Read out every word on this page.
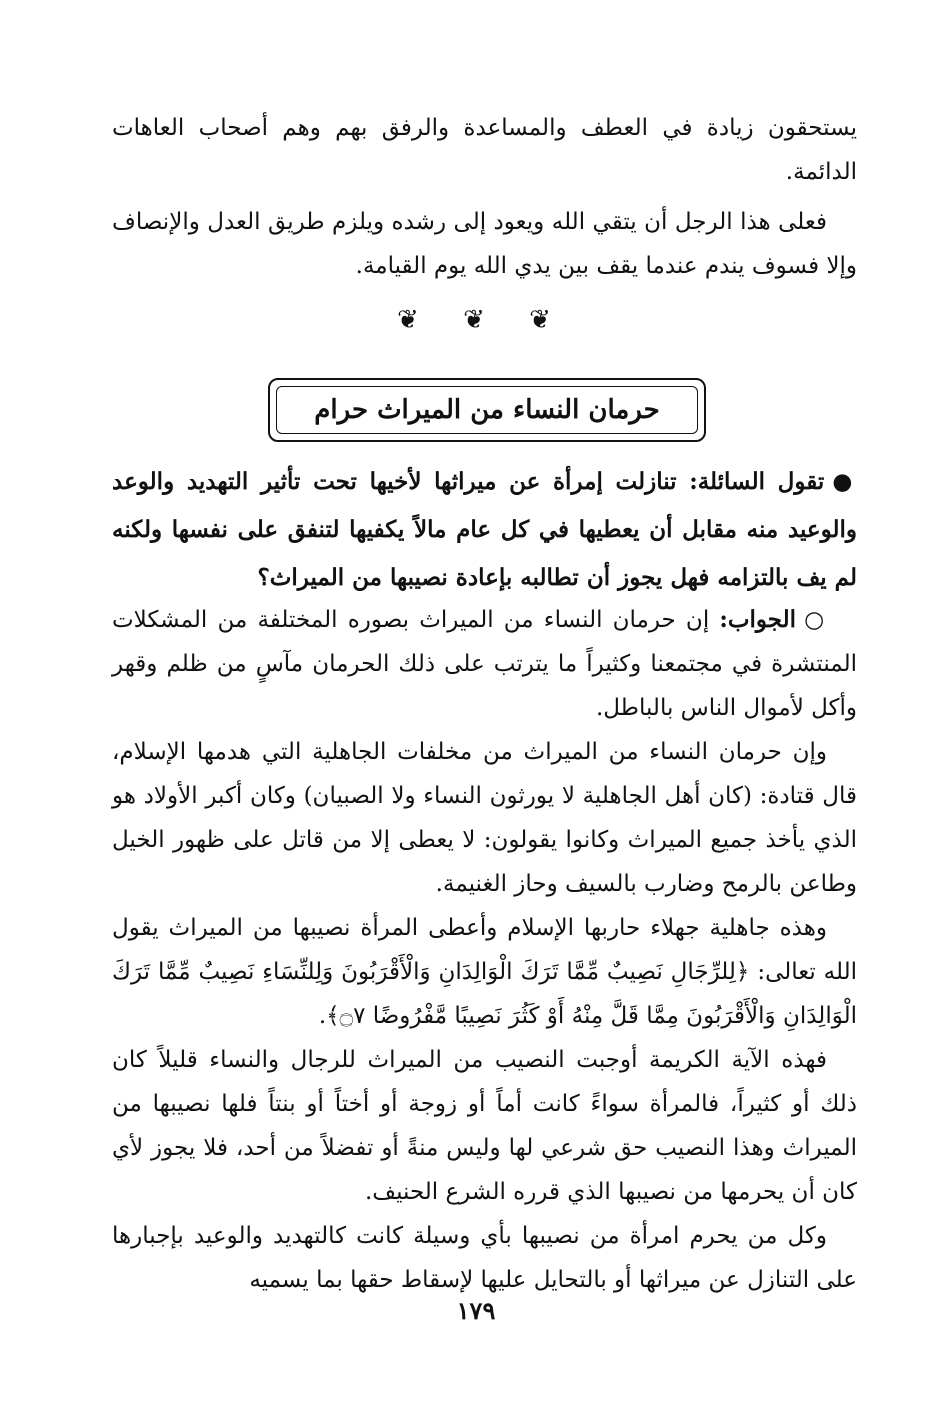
يستحقون زيادة في العطف والمساعدة والرفق بهم وهم أصحاب العاهات الدائمة.

فعلى هذا الرجل أن يتقي الله ويعود إلى رشده ويلزم طريق العدل والإنصاف وإلا فسوف يندم عندما يقف بين يدي الله يوم القيامة.

❦ ❦ ❦
حرمان النساء من الميراث حرام

●تقول السائلة: تنازلت إمرأة عن ميراثها لأخيها تحت تأثير التهديد والوعد والوعيد منه مقابل أن يعطيها في كل عام مالاً يكفيها لتنفق على نفسها ولكنه لم يف بالتزامه فهل يجوز أن تطالبه بإعادة نصيبها من الميراث؟

○الجواب: إن حرمان النساء من الميراث بصوره المختلفة من المشكلات المنتشرة في مجتمعنا وكثيراً ما يترتب على ذلك الحرمان مآسٍ من ظلم وقهر وأكل لأموال الناس بالباطل.

وإن حرمان النساء من الميراث من مخلفات الجاهلية التي هدمها الإسلام، قال قتادة: (كان أهل الجاهلية لا يورثون النساء ولا الصبيان) وكان أكبر الأولاد هو الذي يأخذ جميع الميراث وكانوا يقولون: لا يعطى إلا من قاتل على ظهور الخيل وطاعن بالرمح وضارب بالسيف وحاز الغنيمة.

وهذه جاهلية جهلاء حاربها الإسلام وأعطى المرأة نصيبها من الميراث يقول الله تعالى: ﴿لِلرِّجَالِ نَصِيبٌ مِّمَّا تَرَكَ الْوَالِدَانِ وَالْأَقْرَبُونَ وَلِلنِّسَاءِ نَصِيبٌ مِّمَّا تَرَكَ الْوَالِدَانِ وَالْأَقْرَبُونَ مِمَّا قَلَّ مِنْهُ أَوْ كَثُرَ نَصِيبًا مَّفْرُوضًا ۝٧﴾.

فهذه الآية الكريمة أوجبت النصيب من الميراث للرجال والنساء قليلاً كان ذلك أو كثيراً، فالمرأة سواءً كانت أماً أو زوجة أو أختاً أو بنتاً فلها نصيبها من الميراث وهذا النصيب حق شرعي لها وليس منةً أو تفضلاً من أحد، فلا يجوز لأي كان أن يحرمها من نصيبها الذي قرره الشرع الحنيف.

وكل من يحرم امرأة من نصيبها بأي وسيلة كانت كالتهديد والوعيد بإجبارها على التنازل عن ميراثها أو بالتحايل عليها لإسقاط حقها بما يسميه

١٧٩
